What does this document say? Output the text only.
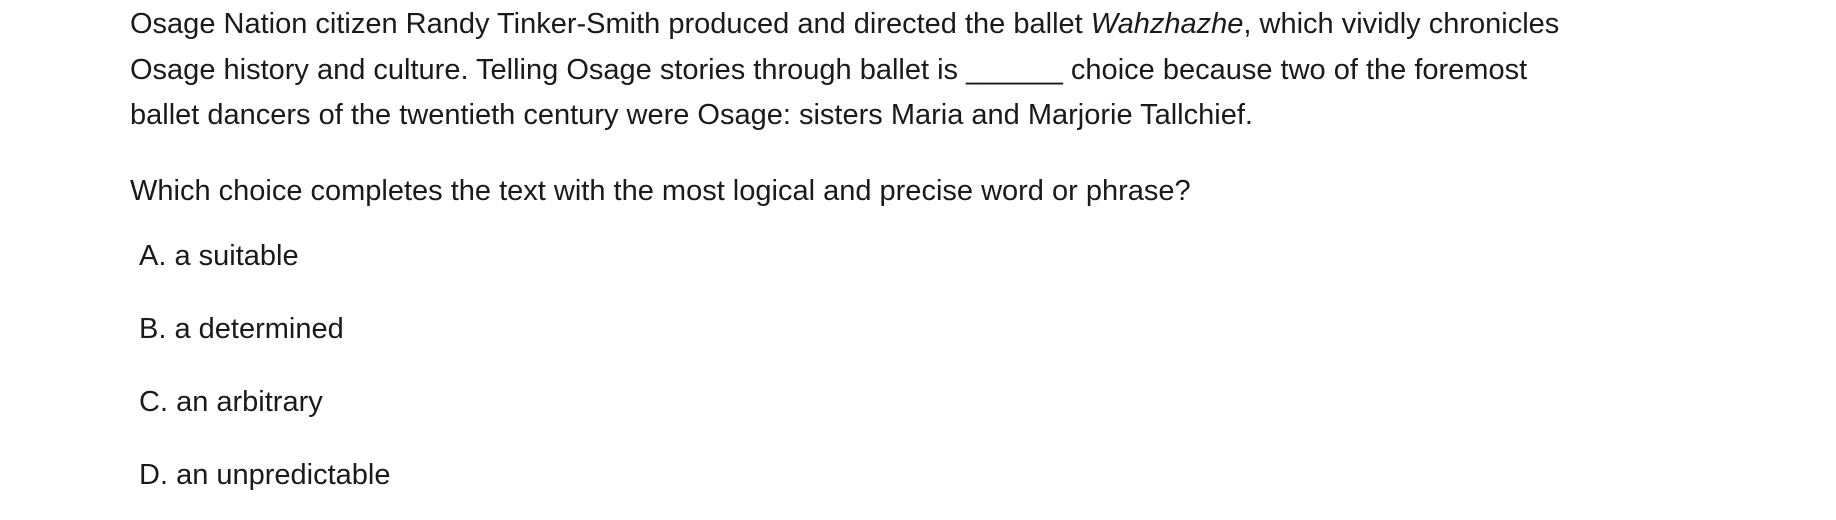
Osage Nation citizen Randy Tinker-Smith produced and directed the ballet Wahzhazhe, which vividly chronicles
Osage history and culture. Telling Osage stories through ballet is ______ choice because two of the foremost
ballet dancers of the twentieth century were Osage: sisters Maria and Marjorie Tallchief.

Which choice completes the text with the most logical and precise word or phrase?

A. a suitable
B. a determined
C. an arbitrary
D. an unpredictable
